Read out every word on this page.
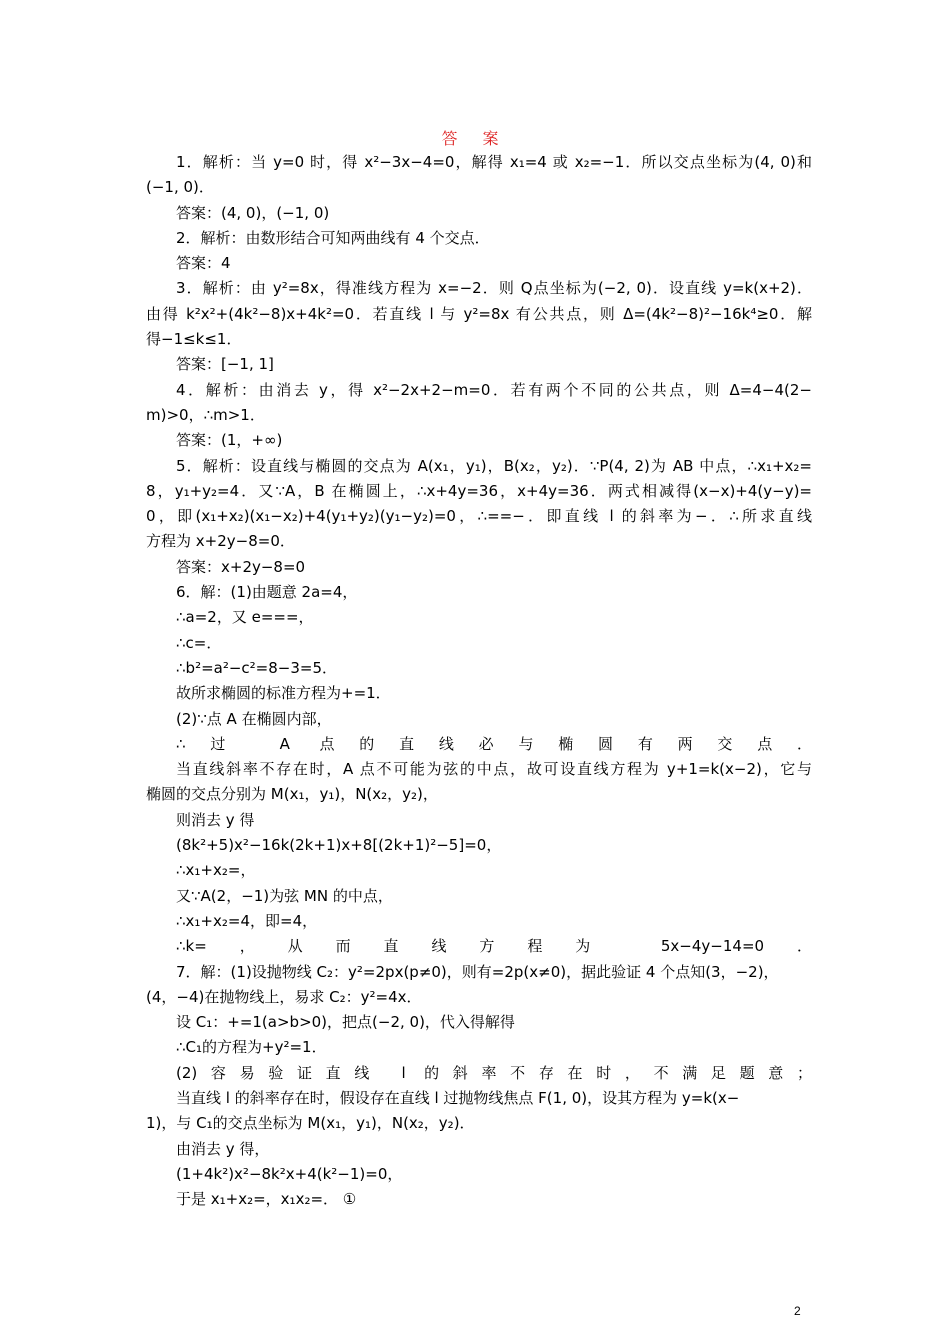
答 案
1．解析：当 y=0 时，得 x²−3x−4=0，解得 x₁=4 或 x₂=−1．所以交点坐标为(4, 0)和
(−1, 0)．
答案：(4, 0)，(−1, 0)
2．解析：由数形结合可知两曲线有 4 个交点．
答案：4
3．解析：由 y²=8x，得准线方程为 x=−2．则 Q点坐标为(−2, 0)．设直线 y=k(x+2)．
由得 k²x²+(4k²−8)x+4k²=0．若直线 l 与 y²=8x 有公共点，则 Δ=(4k²−8)²−16k⁴≥0．解
得−1≤k≤1．
答案：[−1, 1]
4．解析：由消去 y，得 x²−2x+2−m=0．若有两个不同的公共点，则 Δ=4−4(2−
m)>0，∴m>1．
答案：(1，+∞)
5．解析：设直线与椭圆的交点为 A(x₁，y₁)，B(x₂，y₂)．∵P(4, 2)为 AB 中点，∴x₁+x₂=
8，y₁+y₂=4．又∵A，B 在椭圆上，∴x+4y=36，x+4y=36．两式相减得(x−x)+4(y−y)=
0，即(x₁+x₂)(x₁−x₂)+4(y₁+y₂)(y₁−y₂)=0，∴==−．即直线 l 的斜率为−．∴所求直线
方程为 x+2y−8=0．
答案：x+2y−8=0
6．解：(1)由题意 2a=4，
∴a=2，又 e===，
∴c=．
∴b²=a²−c²=8−3=5．
故所求椭圆的标准方程为+=1．
(2)∵点 A 在椭圆内部，
∴过 A 点的直线必与椭圆有两交点．
当直线斜率不存在时，A 点不可能为弦的中点，故可设直线方程为 y+1=k(x−2)，它与
椭圆的交点分别为 M(x₁，y₁)，N(x₂，y₂)，
则消去 y 得
(8k²+5)x²−16k(2k+1)x+8[(2k+1)²−5]=0，
∴x₁+x₂=，
又∵A(2，−1)为弦 MN 的中点，
∴x₁+x₂=4，即=4，
∴k=，从而直线方程为 5x−4y−14=0．
7．解：(1)设抛物线 C₂：y²=2px(p≠0)，则有=2p(x≠0)，据此验证 4 个点知(3，−2)，
(4，−4)在抛物线上，易求 C₂：y²=4x．
设 C₁：+=1(a>b>0)，把点(−2, 0)，代入得解得
∴C₁的方程为+y²=1．
(2)容易验证直线 l 的斜率不存在时，不满足题意；
当直线 l 的斜率存在时，假设存在直线 l 过抛物线焦点 F(1, 0)，设其方程为 y=k(x−
1)，与 C₁的交点坐标为 M(x₁，y₁)，N(x₂，y₂)．
由消去 y 得，
(1+4k²)x²−8k²x+4(k²−1)=0，
于是 x₁+x₂=，x₁x₂=． ①
2
